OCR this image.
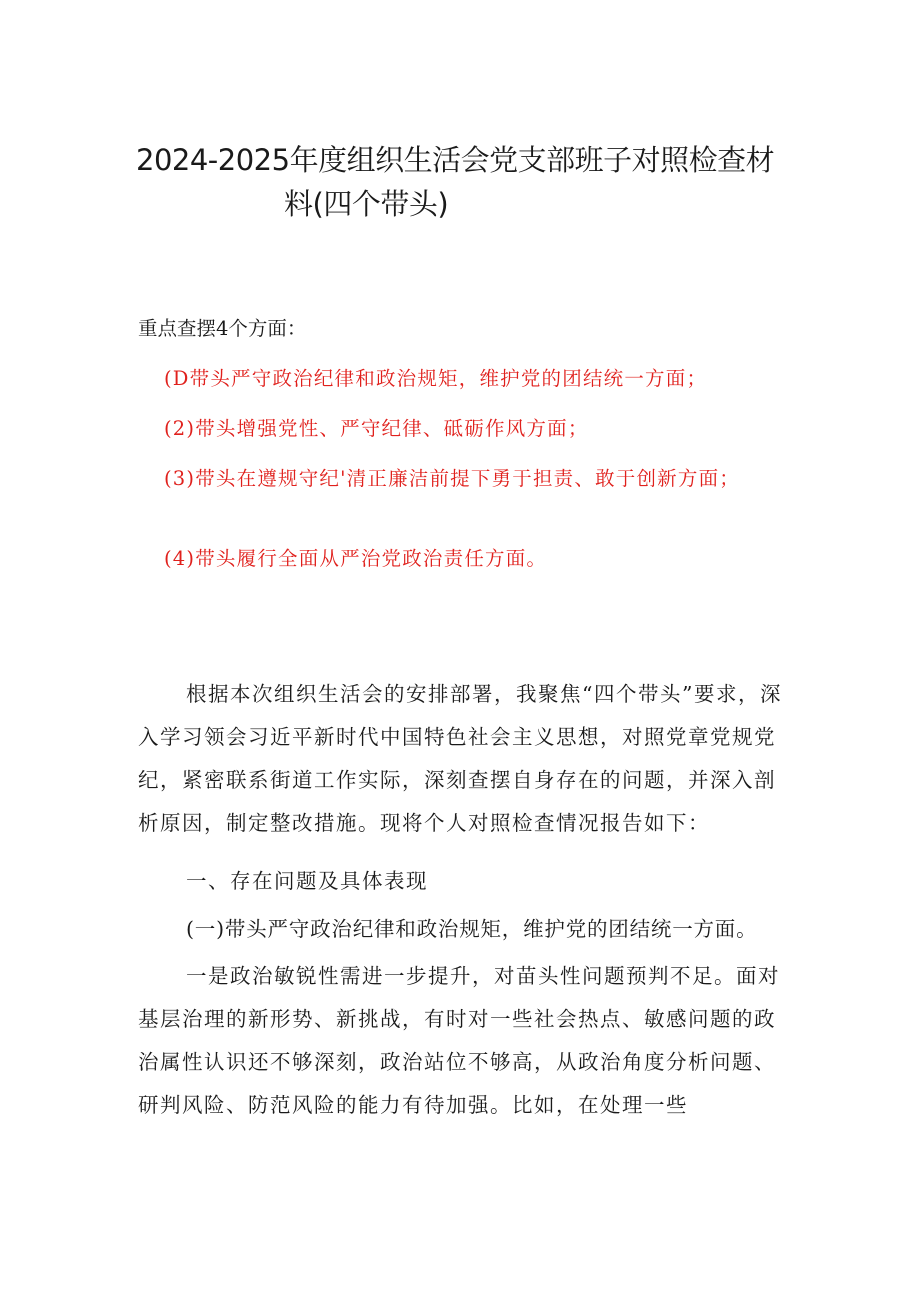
2024-2025年度组织生活会党支部班子对照检查材
料(四个带头)
重点查摆4个方面：
(D带头严守政治纪律和政治规矩，维护党的团结统一方面；
(2)带头增强党性、严守纪律、砥砺作风方面；
(3)带头在遵规守纪'清正廉洁前提下勇于担责、敢于创新方面；
(4)带头履行全面从严治党政治责任方面。
根据本次组织生活会的安排部署，我聚焦“四个带头”要求，深入学习领会习近平新时代中国特色社会主义思想，对照党章党规党纪，紧密联系街道工作实际，深刻查摆自身存在的问题，并深入剖析原因，制定整改措施。现将个人对照检查情况报告如下：
一、存在问题及具体表现
(一)带头严守政治纪律和政治规矩，维护党的团结统一方面。
一是政治敏锐性需进一步提升，对苗头性问题预判不足。面对基层治理的新形势、新挑战，有时对一些社会热点、敏感问题的政治属性认识还不够深刻，政治站位不够高，从政治角度分析问题、研判风险、防范风险的能力有待加强。比如，在处理一些
